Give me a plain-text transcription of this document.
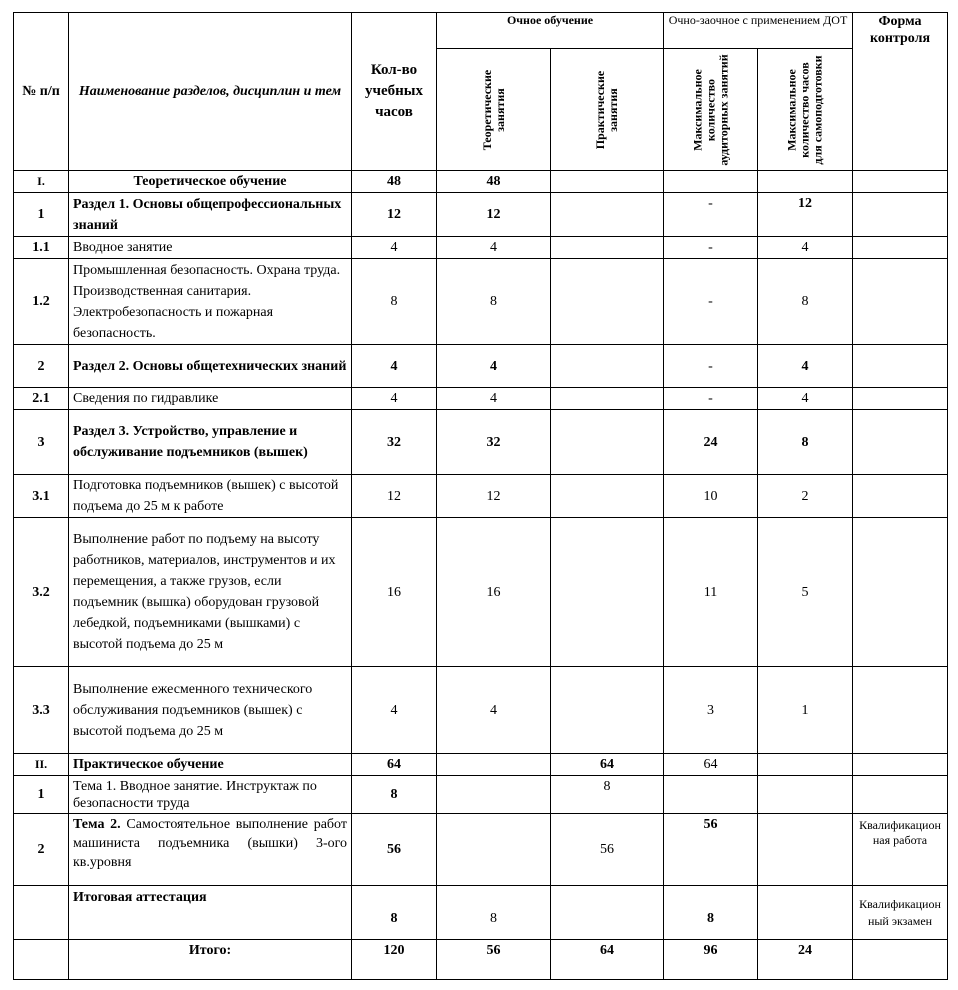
№ п/п	Наименование разделов, дисциплин и тем	Кол-во учебных часов	Очное обучение		Очно-заочное с применением ДОТ		Форма контроля

			Теоретические занятия	Практические занятия	Максимальное количество аудиторных занятий	Максимальное количество часов для самоподготовки	

I.	Теоретическое обучение	48	48				
1	Раздел 1. Основы общепрофессиональных знаний	12	12		-	12	
1.1	Вводное занятие	4	4		-	4	
1.2	Промышленная безопасность. Охрана труда. Производственная санитария. Электробезопасность и пожарная безопасность.	8	8		-	8	
2	Раздел 2. Основы общетехнических знаний	4	4		-	4	
2.1	Сведения по гидравлике	4	4		-	4	
3	Раздел 3. Устройство, управление и обслуживание подъемников (вышек)	32	32		24	8	
3.1	Подготовка подъемников (вышек) с высотой подъема до 25 м к работе	12	12		10	2	
3.2	Выполнение работ по подъему на высоту работников, материалов, инструментов и их перемещения, а также грузов, если подъемник (вышка) оборудован грузовой лебедкой, подъемниками (вышками) с высотой подъема до 25 м	16	16		11	5	
3.3	Выполнение ежесменного технического обслуживания подъемников (вышек) с высотой подъема до 25 м	4	4		3	1	
II.	Практическое обучение	64		64	64		
1	Тема 1. Вводное занятие. Инструктаж по безопасности труда	8		8			
2	Тема 2. Самостоятельное выполнение работ машиниста подъемника (вышки) 3-ого кв.уровня	56		56	56		Квалификационная работа
	Итоговая аттестация	8	8		8		Квалификационный экзамен
	Итого:	120	56	64	96	24	
